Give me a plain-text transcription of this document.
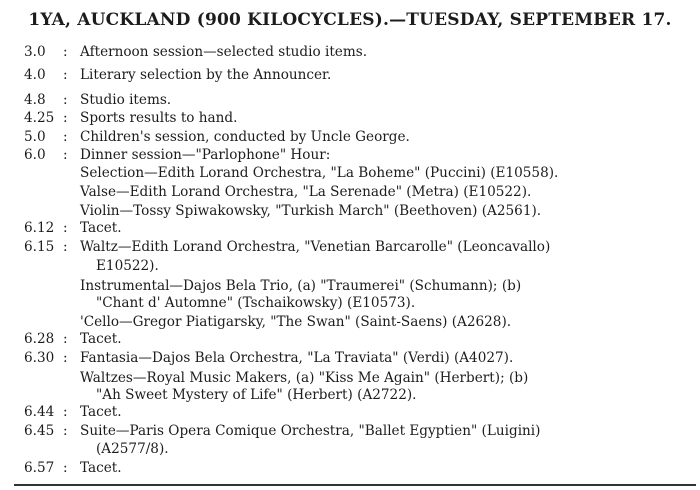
1YA, AUCKLAND (900 KILOCYCLES).—TUESDAY, SEPTEMBER 17.
3.0 : Afternoon session—selected studio items.
4.0 : Literary selection by the Announcer.
4.8 : Studio items.
4.25 : Sports results to hand.
5.0 : Children's session, conducted by Uncle George.
6.0 : Dinner session—"Parlophone" Hour:
Selection—Edith Lorand Orchestra, "La Boheme" (Puccini) (E10558).
Valse—Edith Lorand Orchestra, "La Serenade" (Metra) (E10522).
Violin—Tossy Spiwakowsky, "Turkish March" (Beethoven) (A2561).
6.12 : Tacet.
6.15 : Waltz—Edith Lorand Orchestra, "Venetian Barcarolle" (Leoncavallo)
E10522).
Instrumental—Dajos Bela Trio, (a) "Traumerei" (Schumann); (b)
"Chant d' Automne" (Tschaikowsky) (E10573).
'Cello—Gregor Piatigarsky, "The Swan" (Saint-Saens) (A2628).
6.28 : Tacet.
6.30 : Fantasia—Dajos Bela Orchestra, "La Traviata" (Verdi) (A4027).
Waltzes—Royal Music Makers, (a) "Kiss Me Again" (Herbert); (b)
"Ah Sweet Mystery of Life" (Herbert) (A2722).
6.44 : Tacet.
6.45 : Suite—Paris Opera Comique Orchestra, "Ballet Egyptien" (Luigini)
(A2577/8).
6.57 : Tacet.
